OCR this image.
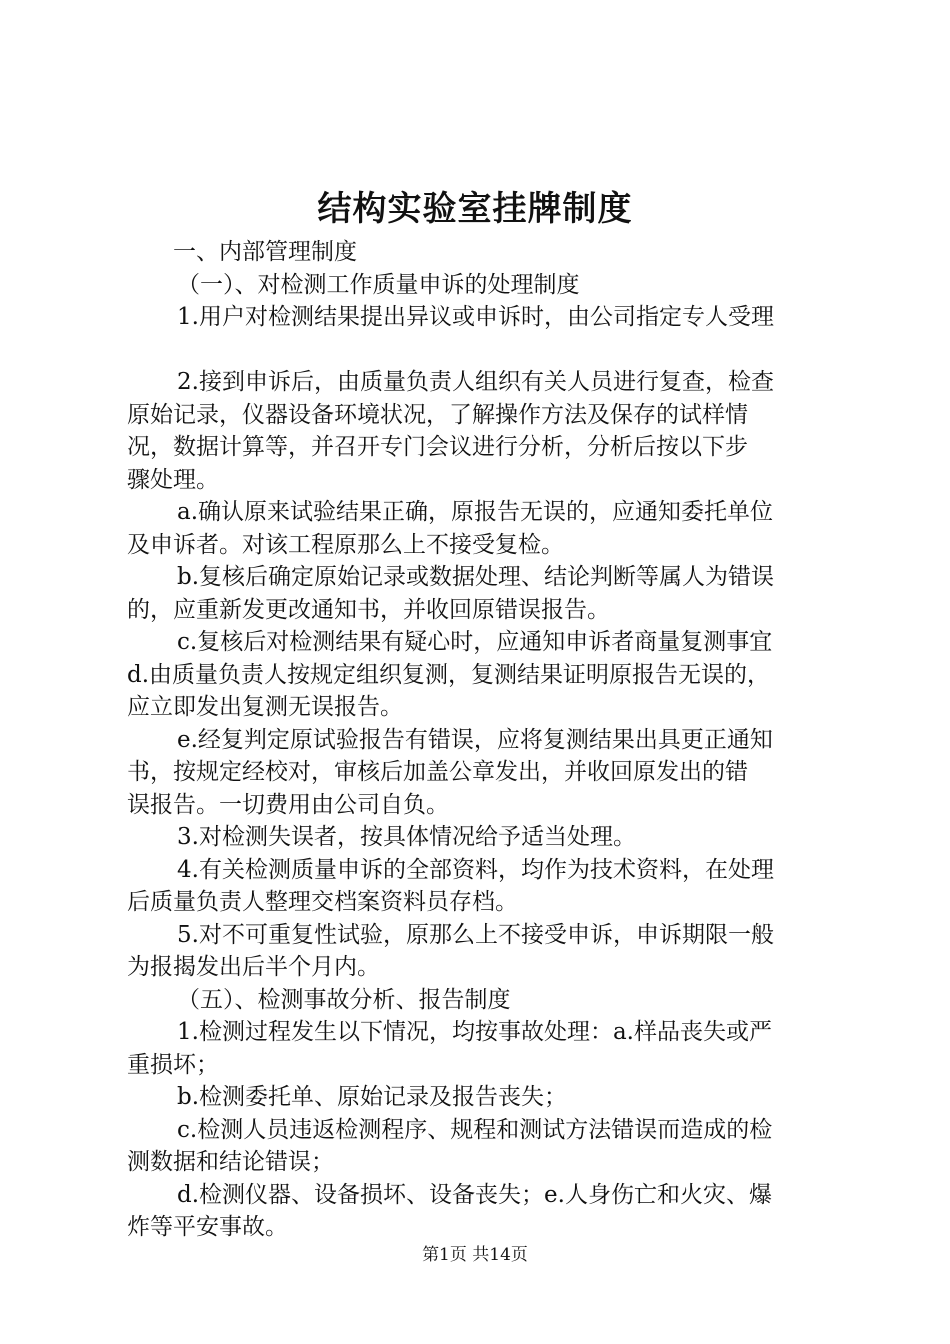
结构实验室挂牌制度
一、内部管理制度
（一）、对检测工作质量申诉的处理制度
1.用户对检测结果提出异议或申诉时，由公司指定专人受理
2.接到申诉后，由质量负责人组织有关人员进行复查，检查
原始记录，仪器设备环境状况，了解操作方法及保存的试样情
况，数据计算等，并召开专门会议进行分析，分析后按以下步
骤处理。
a.确认原来试验结果正确，原报告无误的，应通知委托单位
及申诉者。对该工程原那么上不接受复检。
b.复核后确定原始记录或数据处理、结论判断等属人为错误
的，应重新发更改通知书，并收回原错误报告。
c.复核后对检测结果有疑心时，应通知申诉者商量复测事宜
d.由质量负责人按规定组织复测，复测结果证明原报告无误的，
应立即发出复测无误报告。
e.经复判定原试验报告有错误，应将复测结果出具更正通知
书，按规定经校对，审核后加盖公章发出，并收回原发出的错
误报告。一切费用由公司自负。
3.对检测失误者，按具体情况给予适当处理。
4.有关检测质量申诉的全部资料，均作为技术资料，在处理
后质量负责人整理交档案资料员存档。
5.对不可重复性试验，原那么上不接受申诉，申诉期限一般
为报揭发出后半个月内。
（五）、检测事故分析、报告制度
1.检测过程发生以下情况，均按事故处理：a.样品丧失或严
重损坏；
b.检测委托单、原始记录及报告丧失；
c.检测人员违返检测程序、规程和测试方法错误而造成的检
测数据和结论错误；
d.检测仪器、设备损坏、设备丧失；e.人身伤亡和火灾、爆
炸等平安事故。
第1页 共14页
